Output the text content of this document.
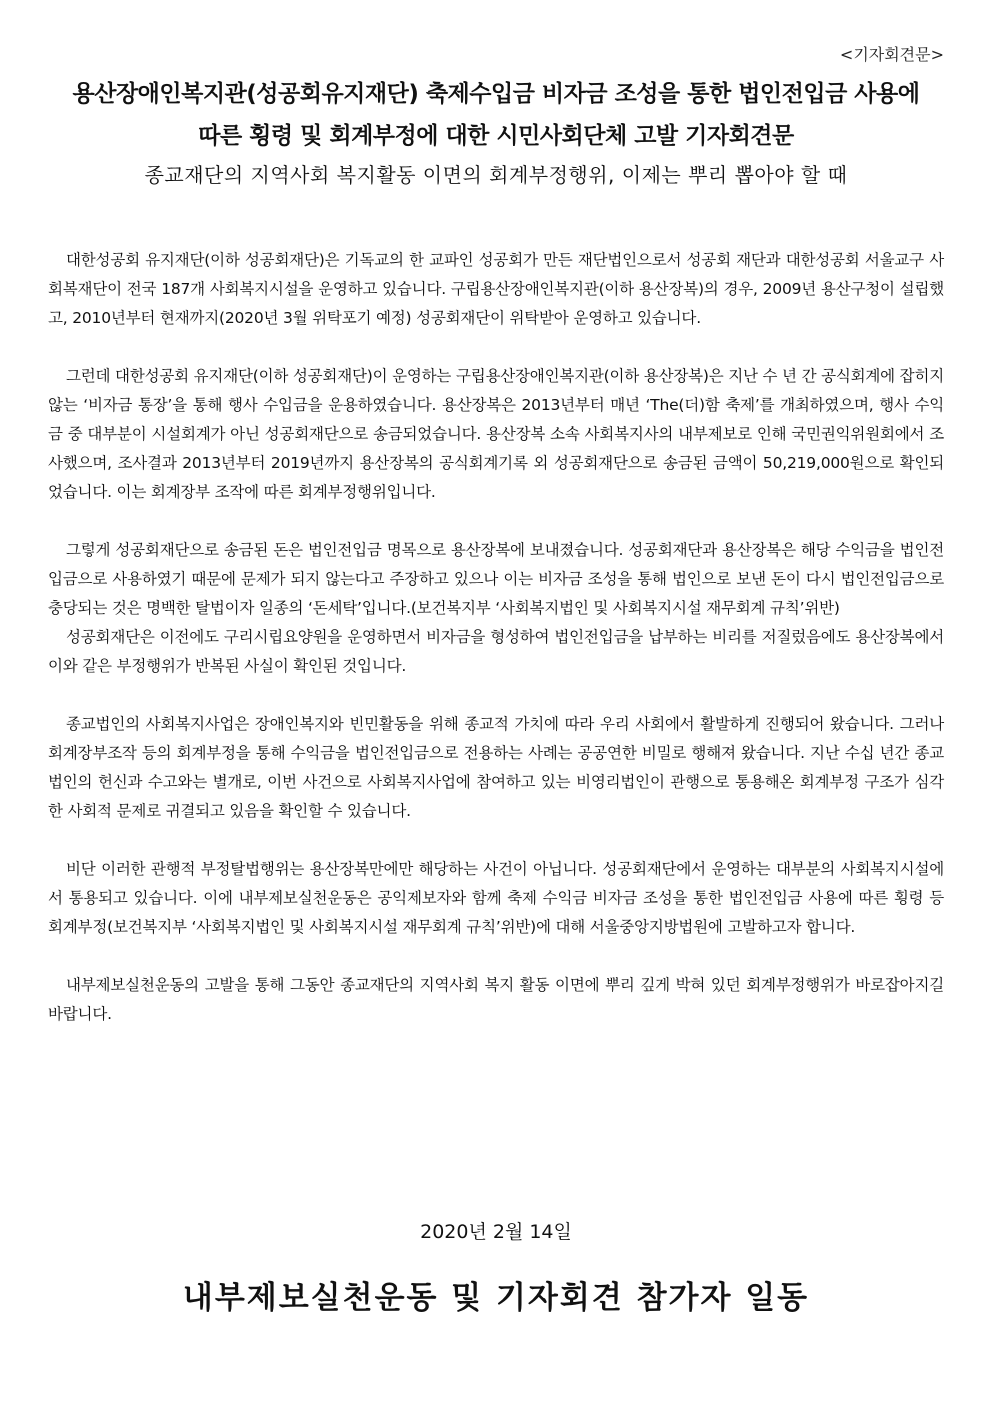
<기자회견문>
용산장애인복지관(성공회유지재단) 축제수입금 비자금 조성을 통한 법인전입금 사용에
따른 횡령 및 회계부정에 대한 시민사회단체 고발 기자회견문
종교재단의 지역사회 복지활동 이면의 회계부정행위, 이제는 뿌리 뽑아야 할 때

대한성공회 유지재단(이하 성공회재단)은 기독교의 한 교파인 성공회가 만든 재단법인으로서 성공회 재단과 대한성공회 서울교구 사회복재단이 전국 187개 사회복지시설을 운영하고 있습니다. 구립용산장애인복지관(이하 용산장복)의 경우, 2009년 용산구청이 설립했고, 2010년부터 현재까지(2020년 3월 위탁포기 예정) 성공회재단이 위탁받아 운영하고 있습니다.

그런데 대한성공회 유지재단(이하 성공회재단)이 운영하는 구립용산장애인복지관(이하 용산장복)은 지난 수 년 간 공식회계에 잡히지 않는 ‘비자금 통장’을 통해 행사 수입금을 운용하였습니다. 용산장복은 2013년부터 매년 ‘The(더)함 축제’를 개최하였으며, 행사 수익금 중 대부분이 시설회계가 아닌 성공회재단으로 송금되었습니다. 용산장복 소속 사회복지사의 내부제보로 인해 국민권익위원회에서 조사했으며, 조사결과 2013년부터 2019년까지 용산장복의 공식회계기록 외 성공회재단으로 송금된 금액이 50,219,000원으로 확인되었습니다. 이는 회계장부 조작에 따른 회계부정행위입니다.

그렇게 성공회재단으로 송금된 돈은 법인전입금 명목으로 용산장복에 보내졌습니다. 성공회재단과 용산장복은 해당 수익금을 법인전입금으로 사용하였기 때문에 문제가 되지 않는다고 주장하고 있으나 이는 비자금 조성을 통해 법인으로 보낸 돈이 다시 법인전입금으로 충당되는 것은 명백한 탈법이자 일종의 ‘돈세탁’입니다.(보건복지부 ‘사회복지법인 및 사회복지시설 재무회계 규칙’위반)

성공회재단은 이전에도 구리시립요양원을 운영하면서 비자금을 형성하여 법인전입금을 납부하는 비리를 저질렀음에도 용산장복에서 이와 같은 부정행위가 반복된 사실이 확인된 것입니다.

종교법인의 사회복지사업은 장애인복지와 빈민활동을 위해 종교적 가치에 따라 우리 사회에서 활발하게 진행되어 왔습니다. 그러나 회계장부조작 등의 회계부정을 통해 수익금을 법인전입금으로 전용하는 사례는 공공연한 비밀로 행해져 왔습니다. 지난 수십 년간 종교법인의 헌신과 수고와는 별개로, 이번 사건으로 사회복지사업에 참여하고 있는 비영리법인이 관행으로 통용해온 회계부정 구조가 심각한 사회적 문제로 귀결되고 있음을 확인할 수 있습니다.

비단 이러한 관행적 부정탈법행위는 용산장복만에만 해당하는 사건이 아닙니다. 성공회재단에서 운영하는 대부분의 사회복지시설에서 통용되고 있습니다. 이에 내부제보실천운동은 공익제보자와 함께 축제 수익금 비자금 조성을 통한 법인전입금 사용에 따른 횡령 등 회계부정(보건복지부 ‘사회복지법인 및 사회복지시설 재무회계 규칙’위반)에 대해 서울중앙지방법원에 고발하고자 합니다.

내부제보실천운동의 고발을 통해 그동안 종교재단의 지역사회 복지 활동 이면에 뿌리 깊게 박혀 있던 회계부정행위가 바로잡아지길 바랍니다.

2020년 2월 14일
내부제보실천운동 및 기자회견 참가자 일동
